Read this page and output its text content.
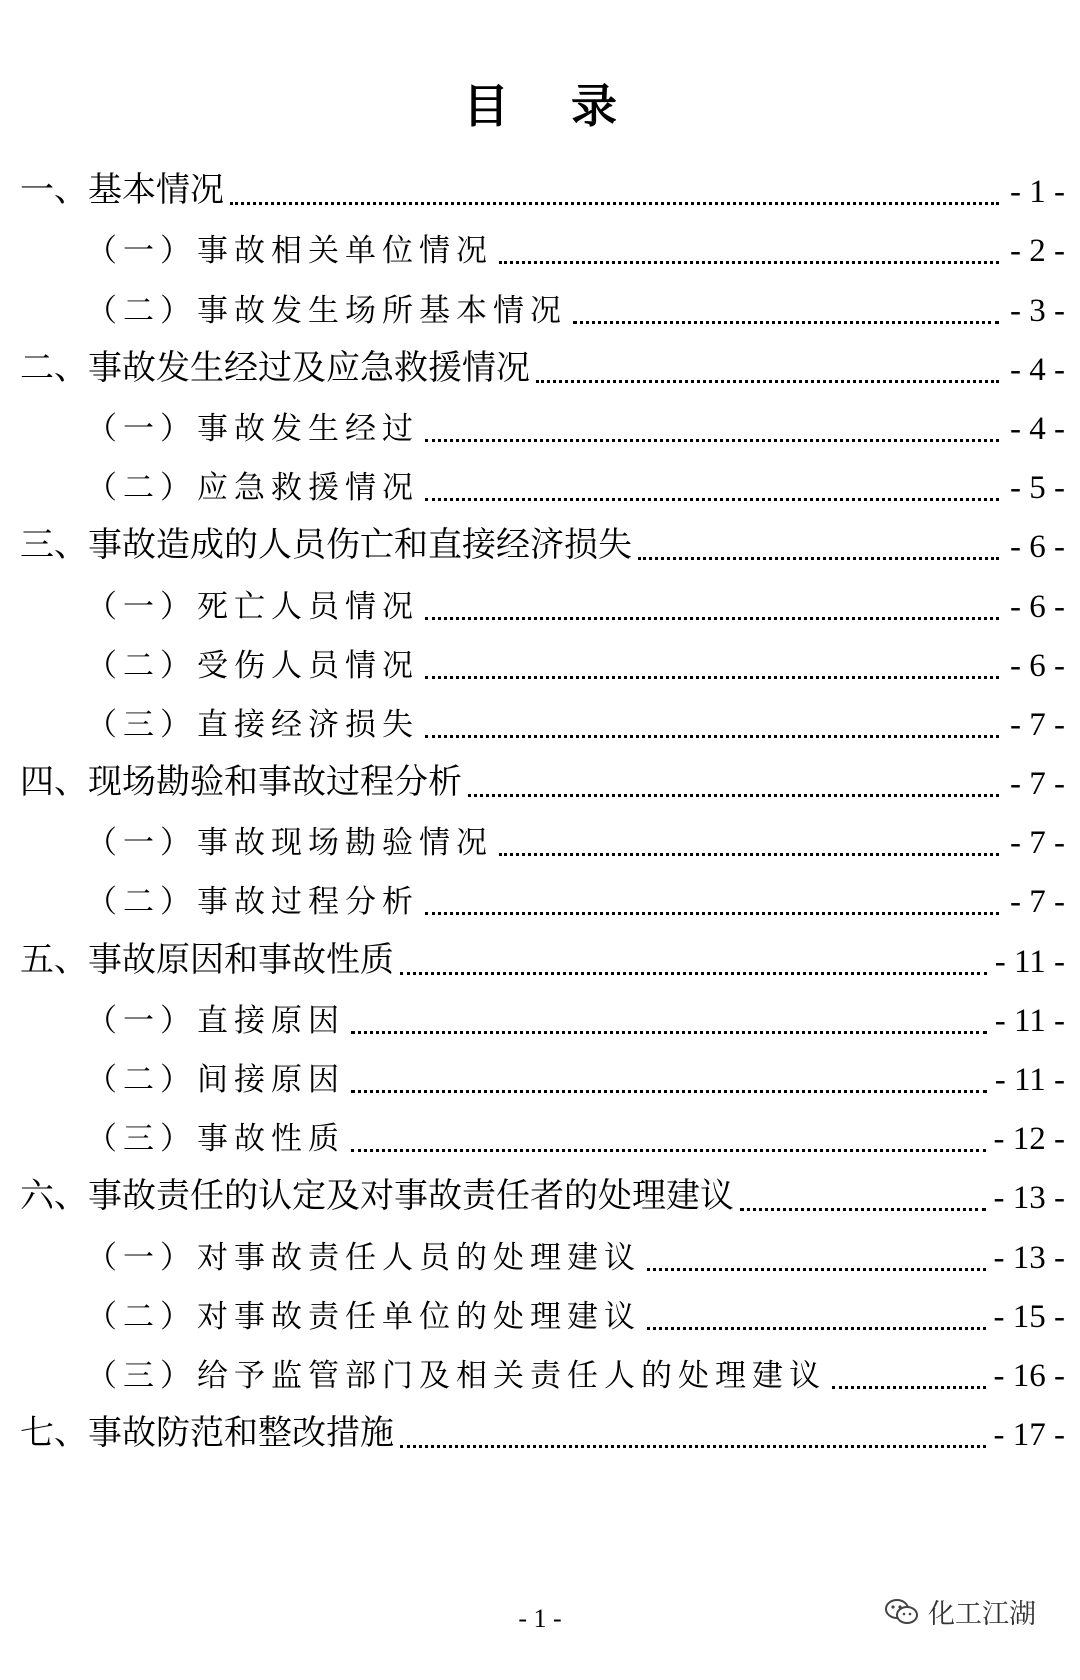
目录
一、基本情况	- 1 -
（一）事故相关单位情况	- 2 -
（二）事故发生场所基本情况	- 3 -
二、事故发生经过及应急救援情况	- 4 -
（一）事故发生经过	- 4 -
（二）应急救援情况	- 5 -
三、事故造成的人员伤亡和直接经济损失	- 6 -
（一）死亡人员情况	- 6 -
（二）受伤人员情况	- 6 -
（三）直接经济损失	- 7 -
四、现场勘验和事故过程分析	- 7 -
（一）事故现场勘验情况	- 7 -
（二）事故过程分析	- 7 -
五、事故原因和事故性质	- 11 -
（一）直接原因	- 11 -
（二）间接原因	- 11 -
（三）事故性质	- 12 -
六、事故责任的认定及对事故责任者的处理建议	- 13 -
（一）对事故责任人员的处理建议	- 13 -
（二）对事故责任单位的处理建议	- 15 -
（三）给予监管部门及相关责任人的处理建议	- 16 -
七、事故防范和整改措施	- 17 -
- 1 -	化工江湖
